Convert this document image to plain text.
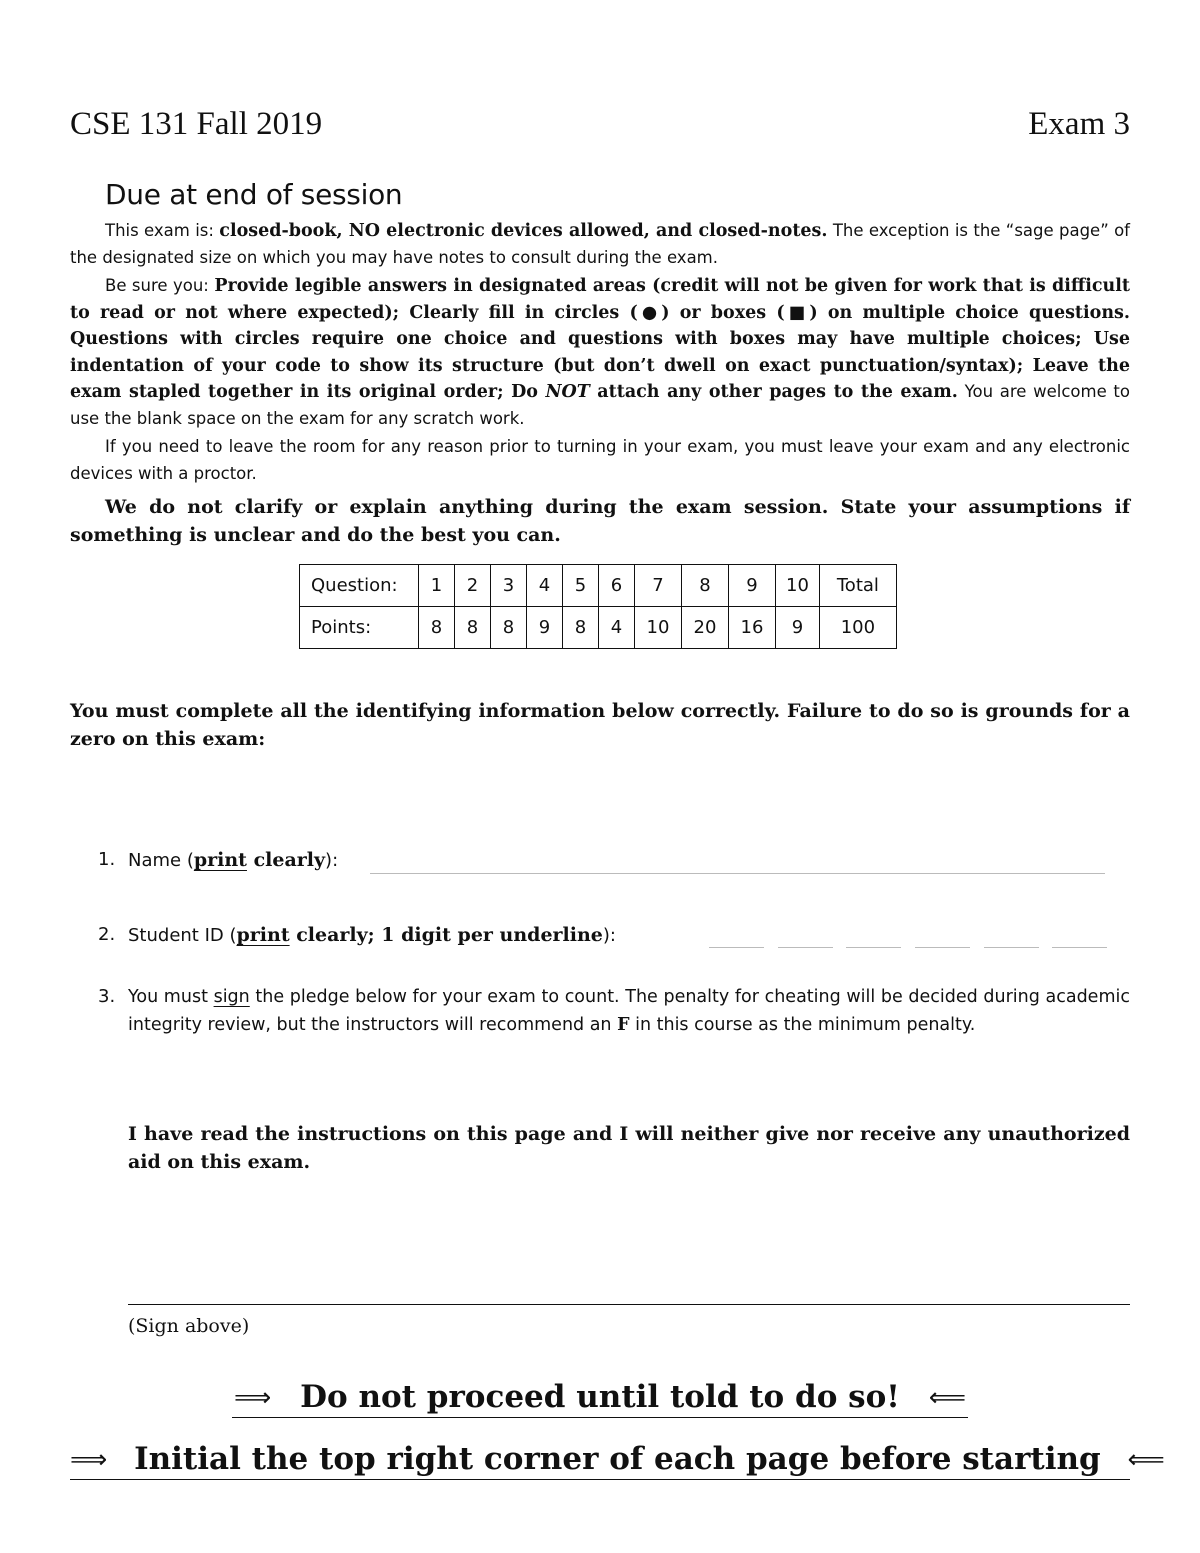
CSE 131 Fall 2019	Exam 3
Due at end of session

This exam is: closed-book, NO electronic devices allowed, and closed-notes. The exception is the “sage page” of the designated size on which you may have notes to consult during the exam.

Be sure you: Provide legible answers in designated areas (credit will not be given for work that is difficult to read or not where expected); Clearly fill in circles (●) or boxes (■) on multiple choice questions. Questions with circles require one choice and questions with boxes may have multiple choices; Use indentation of your code to show its structure (but don’t dwell on exact punctuation/syntax); Leave the exam stapled together in its original order; Do NOT attach any other pages to the exam. You are welcome to use the blank space on the exam for any scratch work.

If you need to leave the room for any reason prior to turning in your exam, you must leave your exam and any electronic devices with a proctor.

We do not clarify or explain anything during the exam session. State your assumptions if something is unclear and do the best you can.

Question:	1	2	3	4	5	6	7	8	9	10	Total
Points:	8	8	8	9	8	4	10	20	16	9	100
You must complete all the identifying information below correctly. Failure to do so is grounds for a zero on this exam:
1. Name (print clearly):
2. Student ID (print clearly; 1 digit per underline):
3. You must sign the pledge below for your exam to count. The penalty for cheating will be decided during academic integrity review, but the instructors will recommend an F in this course as the minimum penalty.
I have read the instructions on this page and I will neither give nor receive any unauthorized aid on this exam.
(Sign above)
⟹ Do not proceed until told to do so! ⟸
⟹ Initial the top right corner of each page before starting ⟸
